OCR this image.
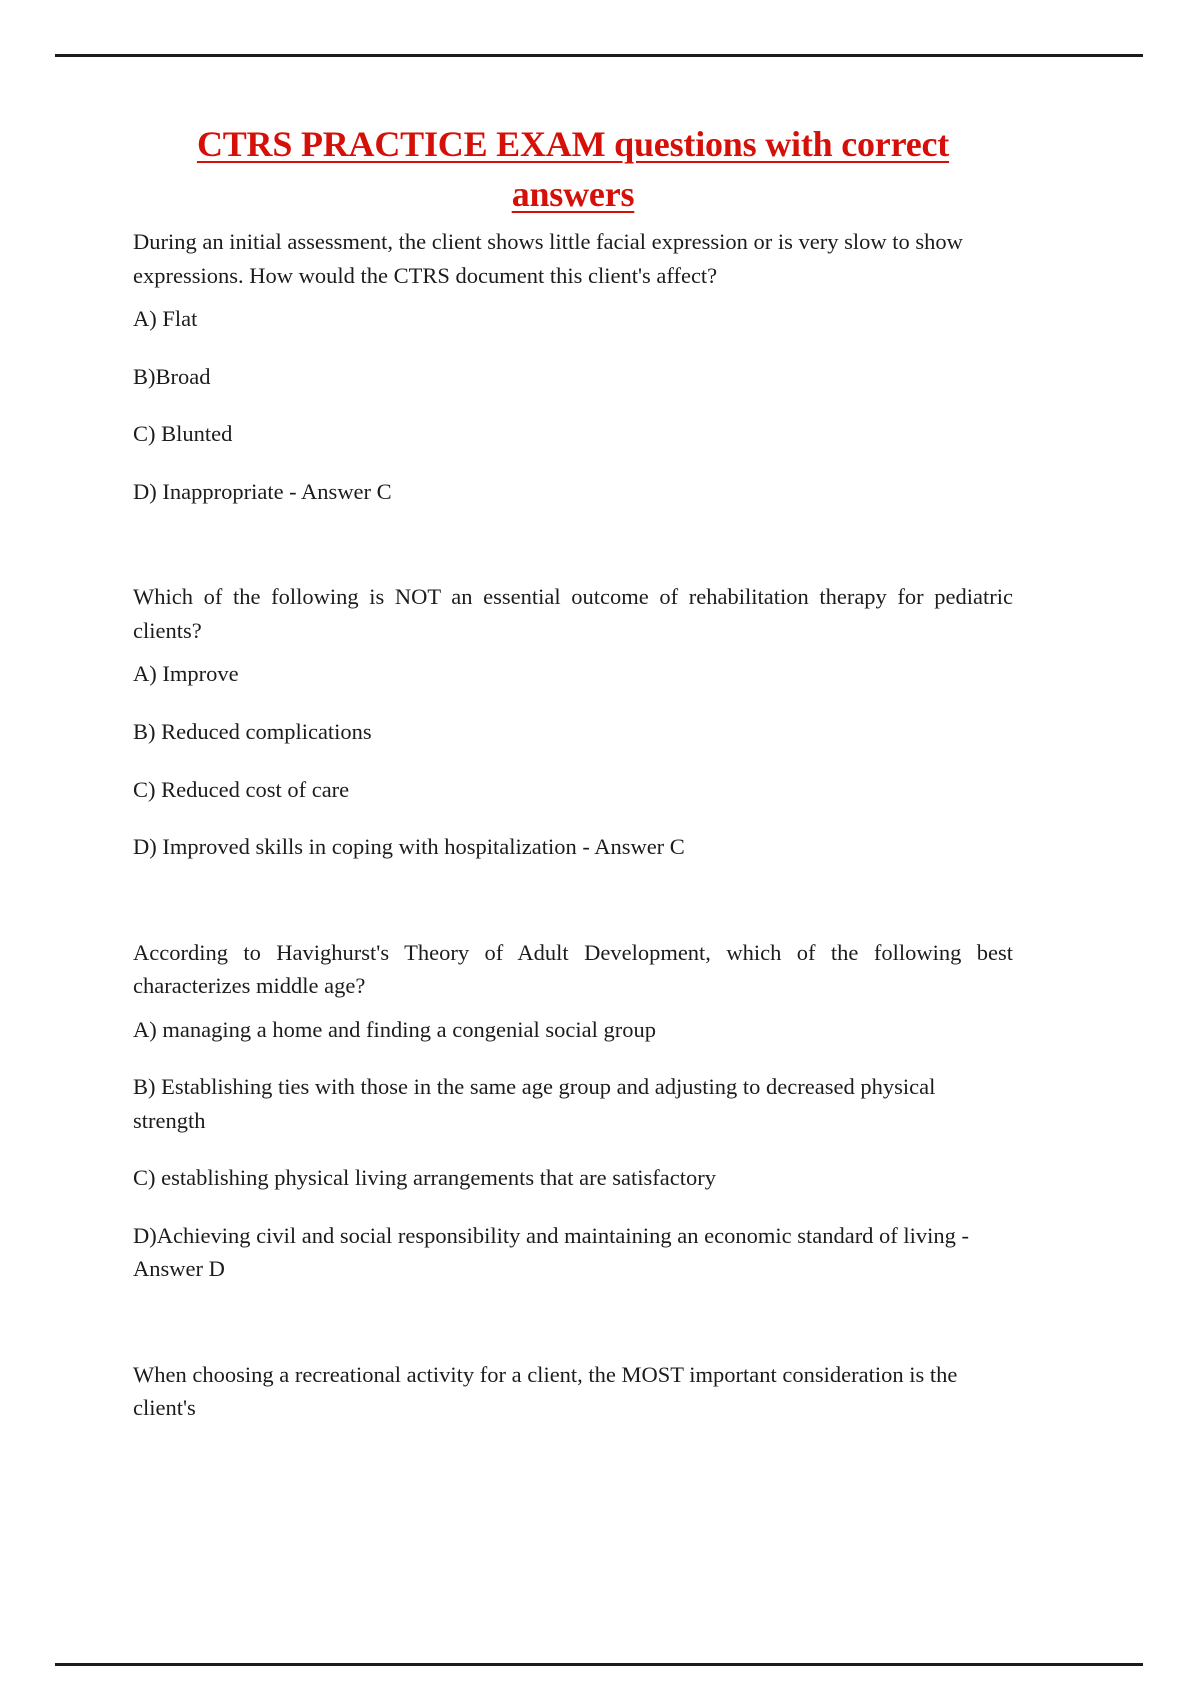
CTRS PRACTICE EXAM questions with correct answers

During an initial assessment, the client shows little facial expression or is very slow to show expressions. How would the CTRS document this client's affect?

A) Flat

B)Broad

C) Blunted

D) Inappropriate - Answer C

Which of the following is NOT an essential outcome of rehabilitation therapy for pediatric clients?

A) Improve

B) Reduced complications

C) Reduced cost of care

D) Improved skills in coping with hospitalization - Answer C

According to Havighurst's Theory of Adult Development, which of the following best characterizes middle age?

A) managing a home and finding a congenial social group

B) Establishing ties with those in the same age group and adjusting to decreased physical strength

C) establishing physical living arrangements that are satisfactory

D)Achieving civil and social responsibility and maintaining an economic standard of living - Answer D

When choosing a recreational activity for a client, the MOST important consideration is the client's
